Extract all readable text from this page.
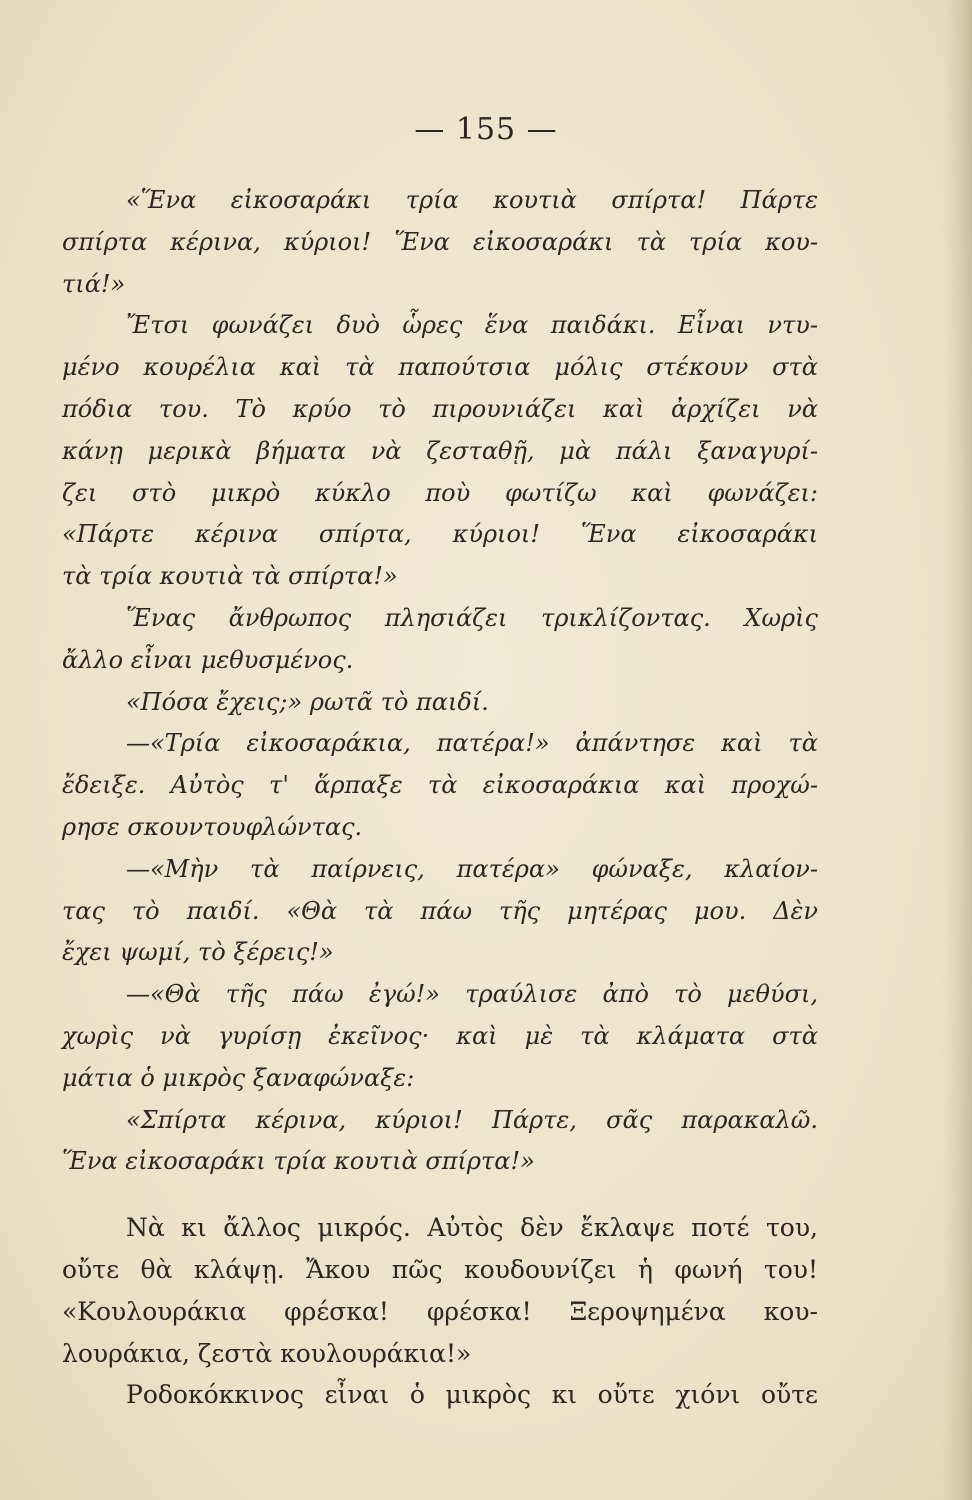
— 155 —
«Ἕνα εἰκοσαράκι τρία κουτιὰ σπίρτα! Πάρτε
σπίρτα κέρινα, κύριοι! Ἕνα εἰκοσαράκι τὰ τρία κου-
τιά!»
Ἔτσι φωνάζει δυὸ ὧρες ἕνα παιδάκι. Εἶναι ντυ-
μένο κουρέλια καὶ τὰ παπούτσια μόλις στέκουν στὰ
πόδια του. Τὸ κρύο τὸ πιρουνιάζει καὶ ἀρχίζει νὰ
κάνῃ μερικὰ βήματα νὰ ζεσταθῇ, μὰ πάλι ξαναγυρί-
ζει στὸ μικρὸ κύκλο ποὺ φωτίζω καὶ φωνάζει:
«Πάρτε κέρινα σπίρτα, κύριοι! Ἕνα εἰκοσαράκι
τὰ τρία κουτιὰ τὰ σπίρτα!»
Ἕνας ἄνθρωπος πλησιάζει τρικλίζοντας. Χωρὶς
ἄλλο εἶναι μεθυσμένος.
«Πόσα ἔχεις;» ρωτᾶ τὸ παιδί.
—«Τρία εἰκοσαράκια, πατέρα!» ἀπάντησε καὶ τὰ
ἔδειξε. Αὐτὸς τ' ἅρπαξε τὰ εἰκοσαράκια καὶ προχώ-
ρησε σκουντουφλώντας.
—«Μὴν τὰ παίρνεις, πατέρα» φώναξε, κλαίον-
τας τὸ παιδί. «Θὰ τὰ πάω τῆς μητέρας μου. Δὲν
ἔχει ψωμί, τὸ ξέρεις!»
—«Θὰ τῆς πάω ἐγώ!» τραύλισε ἀπὸ τὸ μεθύσι,
χωρὶς νὰ γυρίσῃ ἐκεῖνος· καὶ μὲ τὰ κλάματα στὰ
μάτια ὁ μικρὸς ξαναφώναξε:
«Σπίρτα κέρινα, κύριοι! Πάρτε, σᾶς παρακαλῶ.
Ἕνα εἰκοσαράκι τρία κουτιὰ σπίρτα!»
Νὰ κι ἄλλος μικρός. Αὐτὸς δὲν ἔκλαψε ποτέ του,
οὔτε θὰ κλάψῃ. Ἄκου πῶς κουδουνίζει ἡ φωνή του!
«Κουλουράκια φρέσκα! φρέσκα! Ξεροψημένα κου-
λουράκια, ζεστὰ κουλουράκια!»
Ροδοκόκκινος εἶναι ὁ μικρὸς κι οὔτε χιόνι οὔτε
